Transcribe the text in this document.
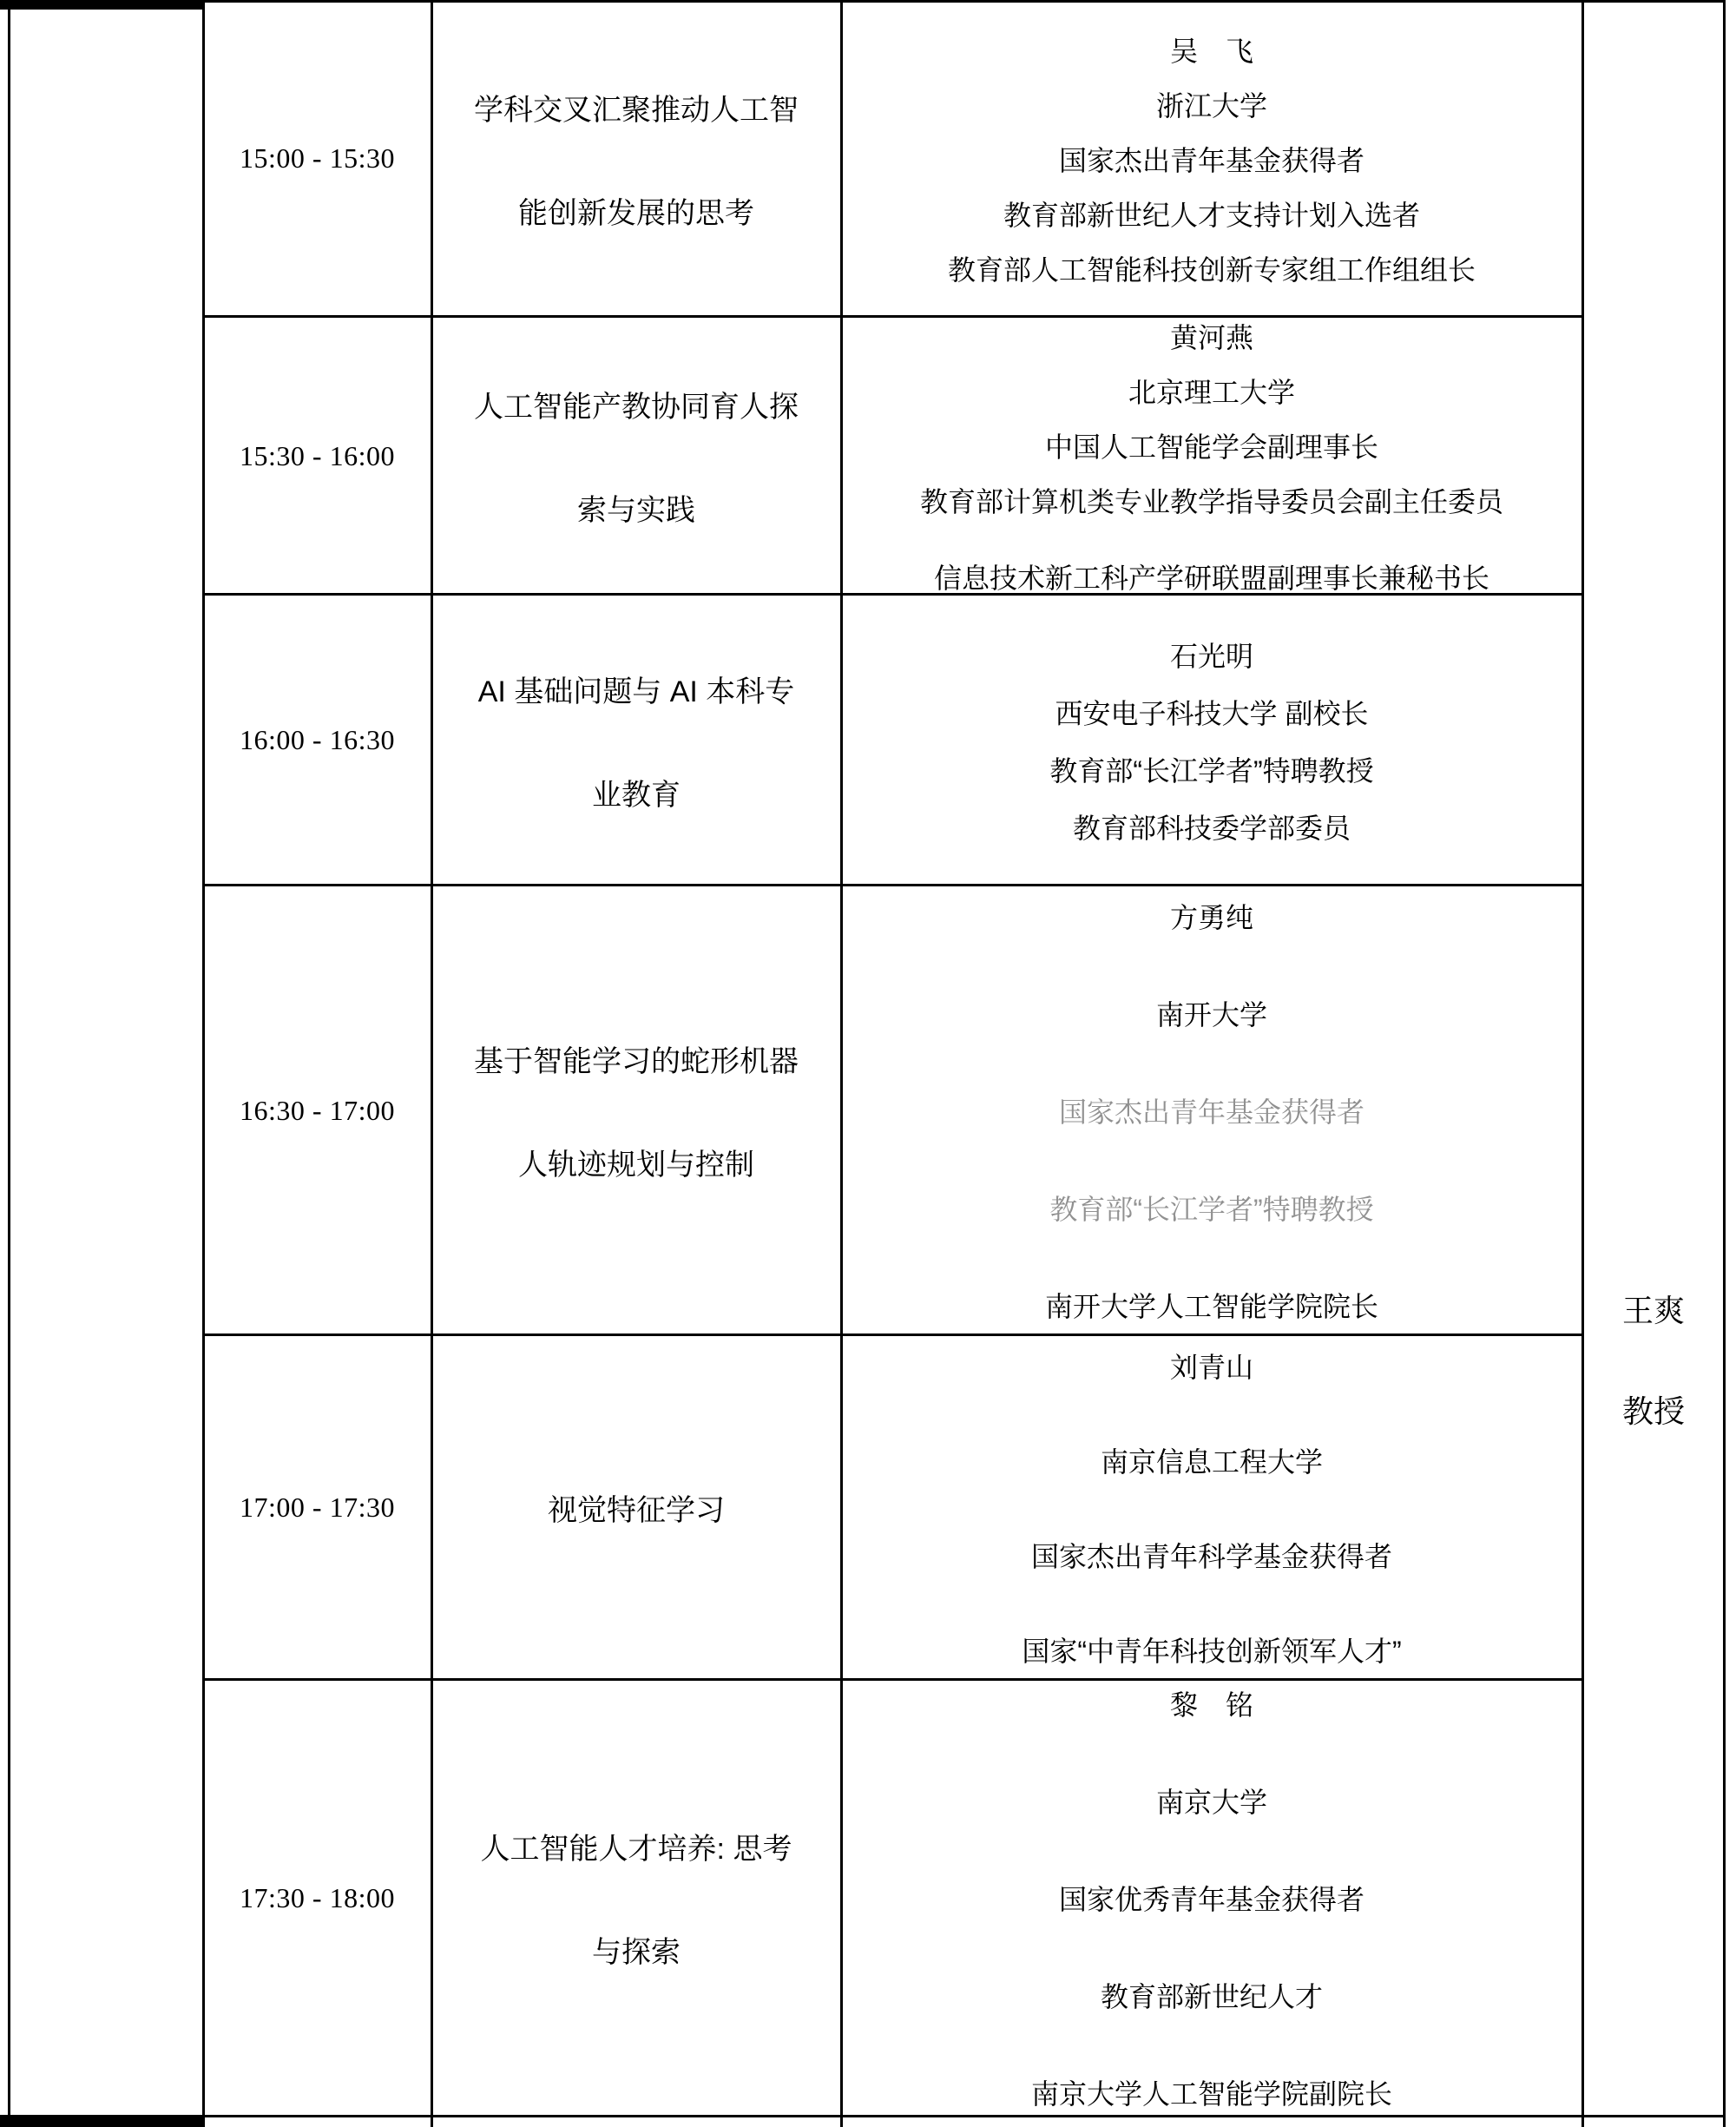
15:00 - 15:30
学科交叉汇聚推动人工智
能创新发展的思考
吴　飞
浙江大学
国家杰出青年基金获得者
教育部新世纪人才支持计划入选者
教育部人工智能科技创新专家组工作组组长
15:30 - 16:00
人工智能产教协同育人探
索与实践
黄河燕
北京理工大学
中国人工智能学会副理事长
教育部计算机类专业教学指导委员会副主任委员
信息技术新工科产学研联盟副理事长兼秘书长
16:00 - 16:30
AI 基础问题与 AI 本科专
业教育
石光明
西安电子科技大学 副校长
教育部“长江学者”特聘教授
教育部科技委学部委员
16:30 - 17:00
基于智能学习的蛇形机器
人轨迹规划与控制
方勇纯
南开大学
国家杰出青年基金获得者
教育部“长江学者”特聘教授
南开大学人工智能学院院长
17:00 - 17:30	视觉特征学习
刘青山
南京信息工程大学
国家杰出青年科学基金获得者
国家“中青年科技创新领军人才”
17:30 - 18:00
人工智能人才培养: 思考
与探索
黎　铭
南京大学
国家优秀青年基金获得者
教育部新世纪人才
南京大学人工智能学院副院长
王爽
教授
